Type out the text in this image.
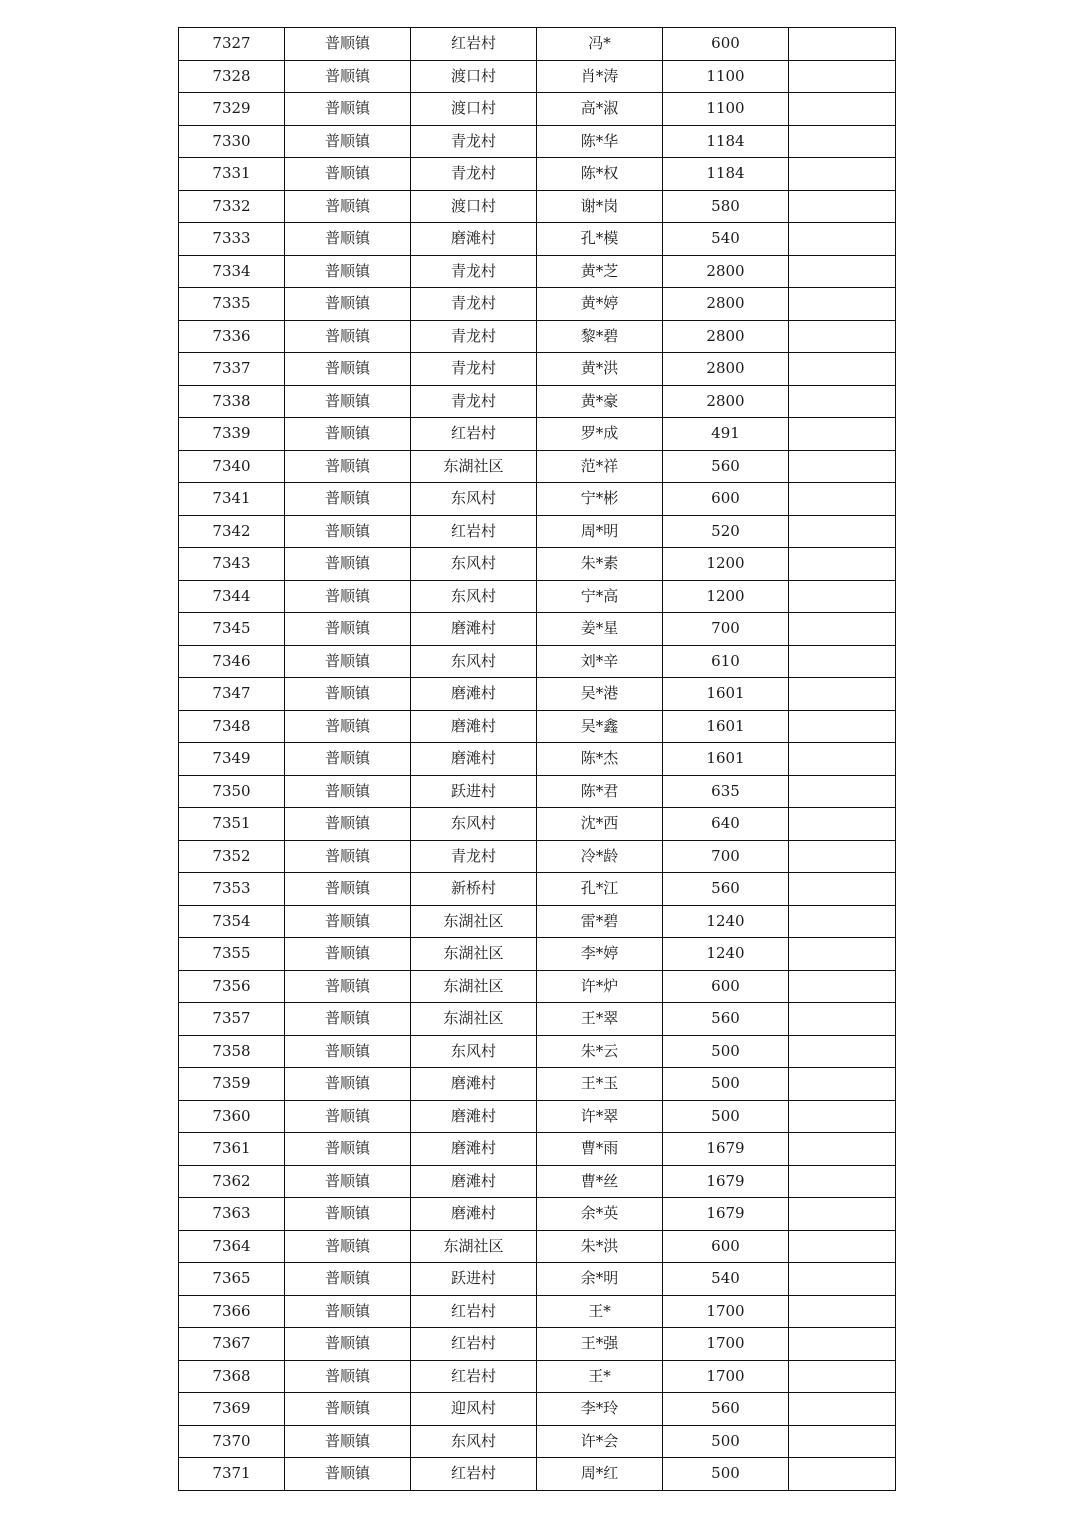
7327	普顺镇	红岩村	冯*	600	
7328	普顺镇	渡口村	肖*涛	1100	
7329	普顺镇	渡口村	高*淑	1100	
7330	普顺镇	青龙村	陈*华	1184	
7331	普顺镇	青龙村	陈*权	1184	
7332	普顺镇	渡口村	谢*岗	580	
7333	普顺镇	磨滩村	孔*模	540	
7334	普顺镇	青龙村	黄*芝	2800	
7335	普顺镇	青龙村	黄*婷	2800	
7336	普顺镇	青龙村	黎*碧	2800	
7337	普顺镇	青龙村	黄*洪	2800	
7338	普顺镇	青龙村	黄*豪	2800	
7339	普顺镇	红岩村	罗*成	491	
7340	普顺镇	东湖社区	范*祥	560	
7341	普顺镇	东风村	宁*彬	600	
7342	普顺镇	红岩村	周*明	520	
7343	普顺镇	东风村	朱*素	1200	
7344	普顺镇	东风村	宁*高	1200	
7345	普顺镇	磨滩村	姜*星	700	
7346	普顺镇	东风村	刘*辛	610	
7347	普顺镇	磨滩村	吴*港	1601	
7348	普顺镇	磨滩村	吴*鑫	1601	
7349	普顺镇	磨滩村	陈*杰	1601	
7350	普顺镇	跃进村	陈*君	635	
7351	普顺镇	东风村	沈*西	640	
7352	普顺镇	青龙村	冷*龄	700	
7353	普顺镇	新桥村	孔*江	560	
7354	普顺镇	东湖社区	雷*碧	1240	
7355	普顺镇	东湖社区	李*婷	1240	
7356	普顺镇	东湖社区	许*炉	600	
7357	普顺镇	东湖社区	王*翠	560	
7358	普顺镇	东风村	朱*云	500	
7359	普顺镇	磨滩村	王*玉	500	
7360	普顺镇	磨滩村	许*翠	500	
7361	普顺镇	磨滩村	曹*雨	1679	
7362	普顺镇	磨滩村	曹*丝	1679	
7363	普顺镇	磨滩村	余*英	1679	
7364	普顺镇	东湖社区	朱*洪	600	
7365	普顺镇	跃进村	余*明	540	
7366	普顺镇	红岩村	王*	1700	
7367	普顺镇	红岩村	王*强	1700	
7368	普顺镇	红岩村	王*	1700	
7369	普顺镇	迎风村	李*玲	560	
7370	普顺镇	东风村	许*会	500	
7371	普顺镇	红岩村	周*红	500	
